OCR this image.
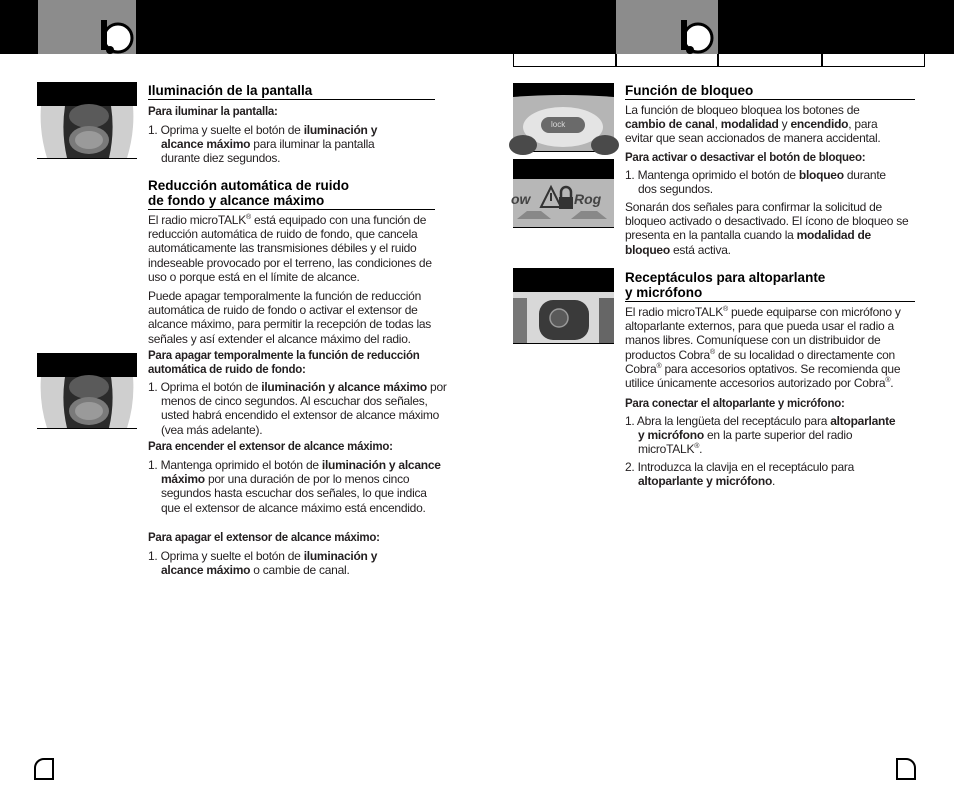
lock
ow	Rog
Iluminación de la pantalla
Para iluminar la pantalla:
1. Oprima y suelte el botón de iluminación y alcance máximo para iluminar la pantalla durante diez segundos.
Reducción automática de ruido
de fondo y alcance máximo
El radio microTALK® está equipado con una función de reducción automática de ruido de fondo, que cancela automáticamente las transmisiones débiles y el ruido indeseable provocado por el terreno, las condiciones de uso o porque está en el límite de alcance.
Puede apagar temporalmente la función de reducción automática de ruido de fondo o activar el extensor de alcance máximo, para permitir la recepción de todas las señales y así extender el alcance máximo del radio.
Para apagar temporalmente la función de reducción automática de ruido de fondo:
1. Oprima el botón de iluminación y alcance máximo por menos de cinco segundos. Al escuchar dos señales, usted habrá encendido el extensor de alcance máximo (vea más adelante).
Para encender el extensor de alcance máximo:
1. Mantenga oprimido el botón de iluminación y alcance máximo por una duración de por lo menos cinco segundos hasta escuchar dos señales, lo que indica que el extensor de alcance máximo está encendido.
Para apagar el extensor de alcance máximo:
1. Oprima y suelte el botón de iluminación y alcance máximo o cambie de canal.
Función de bloqueo
La función de bloqueo bloquea los botones de cambio de canal, modalidad y encendido, para evitar que sean accionados de manera accidental.
Para activar o desactivar el botón de bloqueo:
1. Mantenga oprimido el botón de bloqueo durante dos segundos.
Sonarán dos señales para confirmar la solicitud de bloqueo activado o desactivado. El ícono de bloqueo se presenta en la pantalla cuando la modalidad de bloqueo está activa.
Receptáculos para altoparlante
y micrófono
El radio microTALK® puede equiparse con micrófono y altoparlante externos, para que pueda usar el radio a manos libres. Comuníquese con un distribuidor de productos Cobra® de su localidad o directamente con Cobra® para accesorios optativos. Se recomienda que utilice únicamente accesorios autorizado por Cobra®.
Para conectar el altoparlante y micrófono:
1. Abra la lengüeta del receptáculo para altoparlante y micrófono en la parte superior del radio microTALK®.
2. Introduzca la clavija en el receptáculo para altoparlante y micrófono.
